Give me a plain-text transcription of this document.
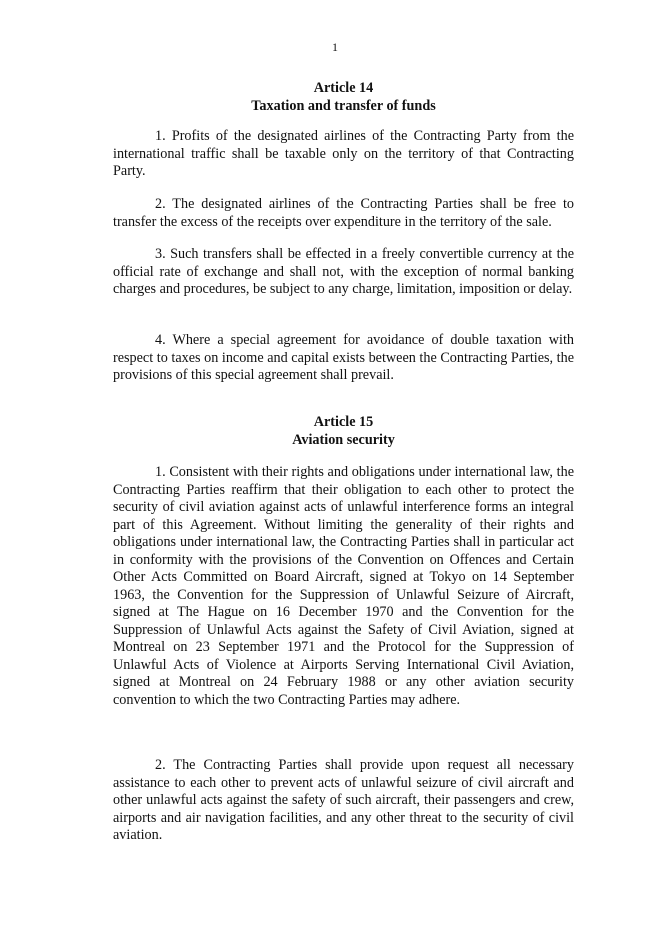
1
Article 14
Taxation and transfer of funds

1. Profits of the designated airlines of the Contracting Party from the international traffic shall be taxable only on the territory of that Contracting Party.

2. The designated airlines of the Contracting Parties shall be free to transfer the excess of the receipts over expenditure in the territory of the sale.

3. Such transfers shall be effected in a freely convertible currency at the official rate of exchange and shall not, with the exception of normal banking charges and procedures, be subject to any charge, limitation, imposition or delay.

4. Where a special agreement for avoidance of double taxation with respect to taxes on income and capital exists between the Contracting Parties, the provisions of this special agreement shall prevail.

Article 15
Aviation security

1. Consistent with their rights and obligations under international law, the Contracting Parties reaffirm that their obligation to each other to protect the security of civil aviation against acts of unlawful interference forms an integral part of this Agreement. Without limiting the generality of their rights and obligations under international law, the Contracting Parties shall in particular act in conformity with the provisions of the Convention on Offences and Certain Other Acts Committed on Board Aircraft, signed at Tokyo on 14 September 1963, the Convention for the Suppression of Unlawful Seizure of Aircraft, signed at The Hague on 16 December 1970 and the Convention for the Suppression of Unlawful Acts against the Safety of Civil Aviation, signed at Montreal on 23 September 1971 and the Protocol for the Suppression of Unlawful Acts of Violence at Airports Serving International Civil Aviation, signed at Montreal on 24 February 1988 or any other aviation security convention to which the two Contracting Parties may adhere.

2. The Contracting Parties shall provide upon request all necessary assistance to each other to prevent acts of unlawful seizure of civil aircraft and other unlawful acts against the safety of such aircraft, their passengers and crew, airports and air navigation facilities, and any other threat to the security of civil aviation.
